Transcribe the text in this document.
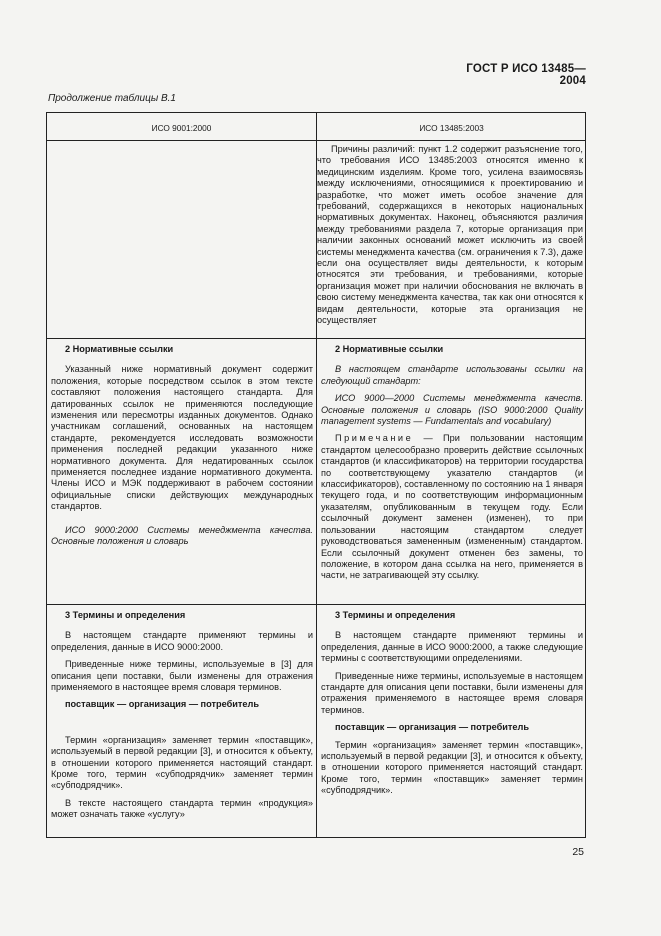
ГОСТ Р ИСО 13485—2004
Продолжение таблицы В.1
ИСО 9001:2000	ИСО 13485:2003

Причины различий: пункт 1.2 содержит разъяснение того, что требования ИСО 13485:2003 относятся именно к медицинским изделиям. Кроме того, усилена взаимосвязь между исключениями, относящимися к проектированию и разработке, что может иметь особое значение для требований, содержащихся в некоторых национальных нормативных документах. Наконец, объясняются различия между требованиями раздела 7, которые организация при наличии законных оснований может исключить из своей системы менеджмента качества (см. ограничения к 7.3), даже если она осуществляет виды деятельности, к которым относятся эти требования, и требованиями, которые организация может при наличии обоснования не включать в свою систему менеджмента качества, так как они относятся к видам деятельности, которые эта организация не осуществляет

2 Нормативные ссылки

Указанный ниже нормативный документ содержит положения, которые посредством ссылок в этом тексте составляют положения настоящего стандарта. Для датированных ссылок не применяются последующие изменения или пересмотры изданных документов. Однако участникам соглашений, основанных на настоящем стандарте, рекомендуется исследовать возможности применения последней редакции указанного ниже нормативного документа. Для недатированных ссылок применяется последнее издание нормативного документа. Члены ИСО и МЭК поддерживают в рабочем состоянии официальные списки действующих международных стандартов.

ИСО 9000:2000 Системы менеджмента качества. Основные положения и словарь

2 Нормативные ссылки

В настоящем стандарте использованы ссылки на следующий стандарт:

ИСО 9000—2000 Системы менеджмента качеств. Основные положения и словарь (ISO 9000:2000 Quality management systems — Fundamentals and vocabulary)

Примечание — При пользовании настоящим стандартом целесообразно проверить действие ссылочных стандартов (и классификаторов) на территории государства по соответствующему указателю стандартов (и классификаторов), составленному по состоянию на 1 января текущего года, и по соответствующим информационным указателям, опубликованным в текущем году. Если ссылочный документ заменен (изменен), то при пользовании настоящим стандартом следует руководствоваться замененным (измененным) стандартом. Если ссылочный документ отменен без замены, то положение, в котором дана ссылка на него, применяется в части, не затрагивающей эту ссылку.

3 Термины и определения

В настоящем стандарте применяют термины и определения, данные в ИСО 9000:2000.

Приведенные ниже термины, используемые в [3] для описания цепи поставки, были изменены для отражения применяемого в настоящее время словаря терминов.

поставщик — организация — потребитель

Термин «организация» заменяет термин «поставщик», используемый в первой редакции [3], и относится к объекту, в отношении которого применяется настоящий стандарт. Кроме того, термин «субподрядчик» заменяет термин «субподрядчик».

В тексте настоящего стандарта термин «продукция» может означать также «услугу»

3 Термины и определения

В настоящем стандарте применяют термины и определения, данные в ИСО 9000:2000, а также следующие термины с соответствующими определениями.

Приведенные ниже термины, используемые в настоящем стандарте для описания цепи поставки, были изменены для отражения применяемого в настоящее время словаря терминов.

поставщик — организация — потребитель

Термин «организация» заменяет термин «поставщик», используемый в первой редакции [3], и относится к объекту, в отношении которого применяется настоящий стандарт. Кроме того, термин «поставщик» заменяет термин «субподрядчик».

25
